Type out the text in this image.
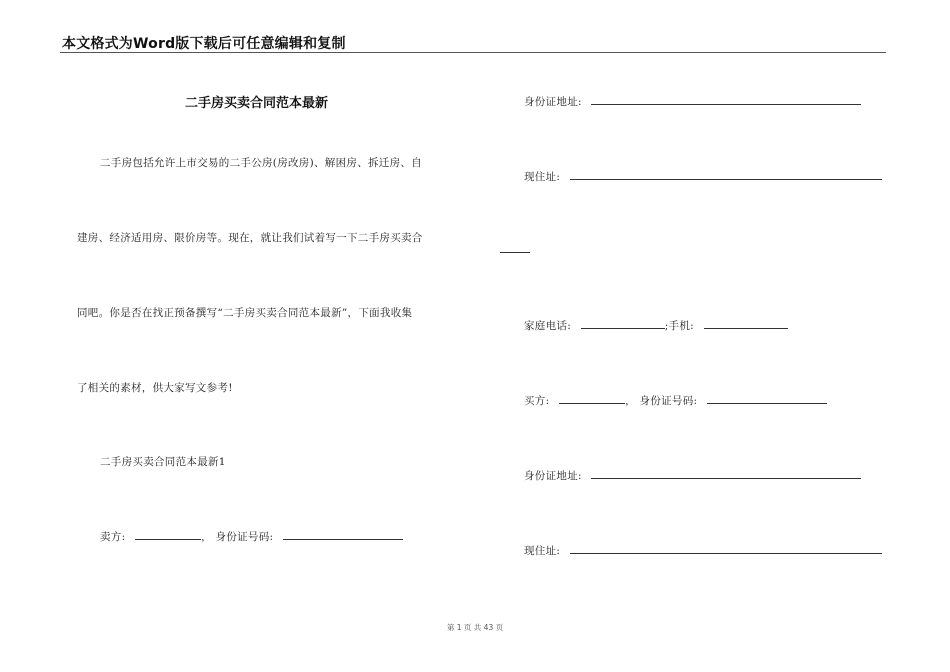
本文格式为Word版下载后可任意编辑和复制
二手房买卖合同范本最新
二手房包括允许上市交易的二手公房(房改房)、解困房、拆迁房、自
建房、经济适用房、限价房等。现在，就让我们试着写一下二手房买卖合
同吧。你是否在找正预备撰写“二手房买卖合同范本最新”，下面我收集
了相关的素材，供大家写文参考!
二手房买卖合同范本最新1
卖方:	， 身份证号码:
身份证地址:
现住址:
家庭电话:	;手机:
买方:	， 身份证号码:
身份证地址:
现住址:
第 1 页 共 43 页
